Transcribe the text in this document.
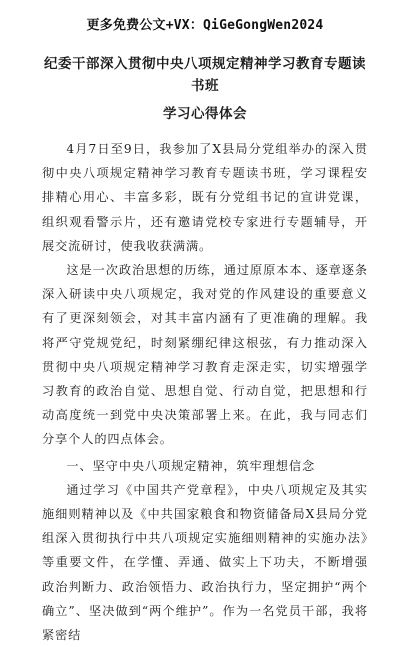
更多免费公文+VX：QiGeGongWen2024
纪委干部深入贯彻中央八项规定精神学习教育专题读书班
学习心得体会

4月7日至9日，我参加了X县局分党组举办的深入贯彻中央八项规定精神学习教育专题读书班，学习课程安排精心用心、丰富多彩，既有分党组书记的宣讲党课，组织观看警示片，还有邀请党校专家进行专题辅导，开展交流研讨，使我收获满满。

这是一次政治思想的历练，通过原原本本、逐章逐条深入研读中央八项规定，我对党的作风建设的重要意义有了更深刻领会，对其丰富内涵有了更准确的理解。我将严守党规党纪，时刻紧绷纪律这根弦，有力推动深入贯彻中央八项规定精神学习教育走深走实，切实增强学习教育的政治自觉、思想自觉、行动自觉，把思想和行动高度统一到党中央决策部署上来。在此，我与同志们分享个人的四点体会。

一、坚守中央八项规定精神，筑牢理想信念

通过学习《中国共产党章程》，中央八项规定及其实施细则精神以及《中共国家粮食和物资储备局X县局分党组深入贯彻执行中共八项规定实施细则精神的实施办法》等重要文件，在学懂、弄通、做实上下功夫，不断增强政治判断力、政治领悟力、政治执行力，坚定拥护“两个确立”、坚决做到“两个维护”。作为一名党员干部，我将紧密结
